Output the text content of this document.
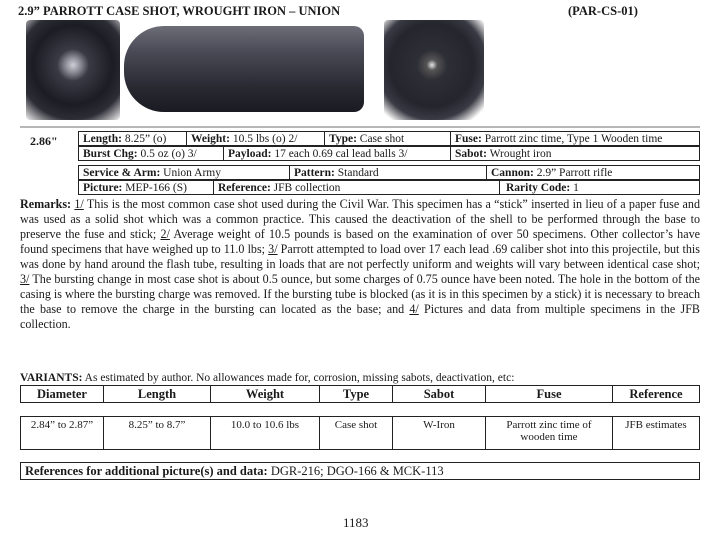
2.9” PARROTT CASE SHOT, WROUGHT IRON – UNION	(PAR-CS-01)
2.86"	Length: 8.25” (o)	Weight: 10.5 lbs (o) 2/	Type: Case shot	Fuse: Parrott zinc time, Type 1 Wooden time
Burst Chg: 0.5 oz (o) 3/	Payload: 17 each 0.69 cal lead balls 3/	Sabot: Wrought iron
Service & Arm: Union Army	Pattern: Standard	Cannon: 2.9” Parrott rifle
Picture: MEP-166 (S)	Reference: JFB collection	Rarity Code: 1
Remarks: 1/ This is the most common case shot used during the Civil War. This specimen has a “stick” inserted in lieu of a paper fuse and was used as a solid shot which was a common practice. This caused the deactivation of the shell to be performed through the base to preserve the fuse and stick; 2/ Average weight of 10.5 pounds is based on the examination of over 50 specimens. Other collector’s have found specimens that have weighed up to 11.0 lbs; 3/ Parrott attempted to load over 17 each lead .69 caliber shot into this projectile, but this was done by hand around the flash tube, resulting in loads that are not perfectly uniform and weights will vary between identical case shot; 3/ The bursting change in most case shot is about 0.5 ounce, but some charges of 0.75 ounce have been noted. The hole in the bottom of the casing is where the bursting charge was removed. If the bursting tube is blocked (as it is in this specimen by a stick) it is necessary to breach the base to remove the charge in the bursting can located as the base; and 4/ Pictures and data from multiple specimens in the JFB collection.
VARIANTS: As estimated by author. No allowances made for, corrosion, missing sabots, deactivation, etc:
Diameter	Length	Weight	Type	Sabot	Fuse	Reference
2.84” to 2.87”	8.25” to 8.7”	10.0 to 10.6 lbs	Case shot	W-Iron	Parrott zinc time of wooden time	JFB estimates
References for additional picture(s) and data: DGR-216; DGO-166 & MCK-113
1183
